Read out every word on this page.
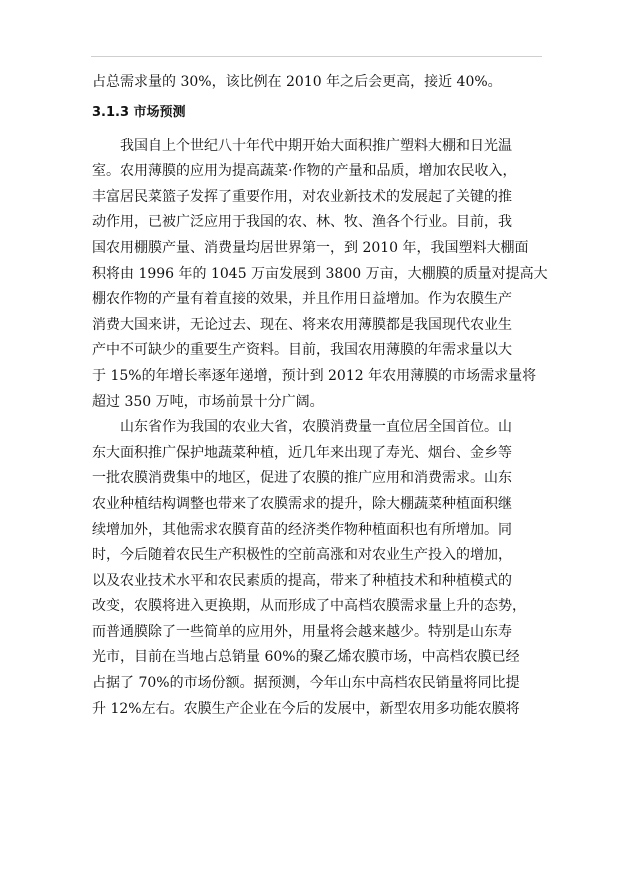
占总需求量的 30%，该比例在 2010 年之后会更高，接近 40%。
3.1.3 市场预测
我国自上个世纪八十年代中期开始大面积推广塑料大棚和日光温
室。农用薄膜的应用为提高蔬菜·作物的产量和品质，增加农民收入，
丰富居民菜篮子发挥了重要作用，对农业新技术的发展起了关键的推
动作用，已被广泛应用于我国的农、林、牧、渔各个行业。目前，我
国农用棚膜产量、消费量均居世界第一，到 2010 年，我国塑料大棚面
积将由 1996 年的 1045 万亩发展到 3800 万亩，大棚膜的质量对提高大
棚农作物的产量有着直接的效果，并且作用日益增加。作为农膜生产
消费大国来讲，无论过去、现在、将来农用薄膜都是我国现代农业生
产中不可缺少的重要生产资料。目前，我国农用薄膜的年需求量以大
于 15%的年增长率逐年递增，预计到 2012 年农用薄膜的市场需求量将
超过 350 万吨，市场前景十分广阔。
山东省作为我国的农业大省，农膜消费量一直位居全国首位。山
东大面积推广保护地蔬菜种植，近几年来出现了寿光、烟台、金乡等
一批农膜消费集中的地区，促进了农膜的推广应用和消费需求。山东
农业种植结构调整也带来了农膜需求的提升，除大棚蔬菜种植面积继
续增加外，其他需求农膜育苗的经济类作物种植面积也有所增加。同
时，今后随着农民生产积极性的空前高涨和对农业生产投入的增加，
以及农业技术水平和农民素质的提高，带来了种植技术和种植模式的
改变，农膜将进入更换期，从而形成了中高档农膜需求量上升的态势，
而普通膜除了一些简单的应用外，用量将会越来越少。特别是山东寿
光市，目前在当地占总销量 60%的聚乙烯农膜市场，中高档农膜已经
占据了 70%的市场份额。据预测，今年山东中高档农民销量将同比提
升 12%左右。农膜生产企业在今后的发展中，新型农用多功能农膜将
